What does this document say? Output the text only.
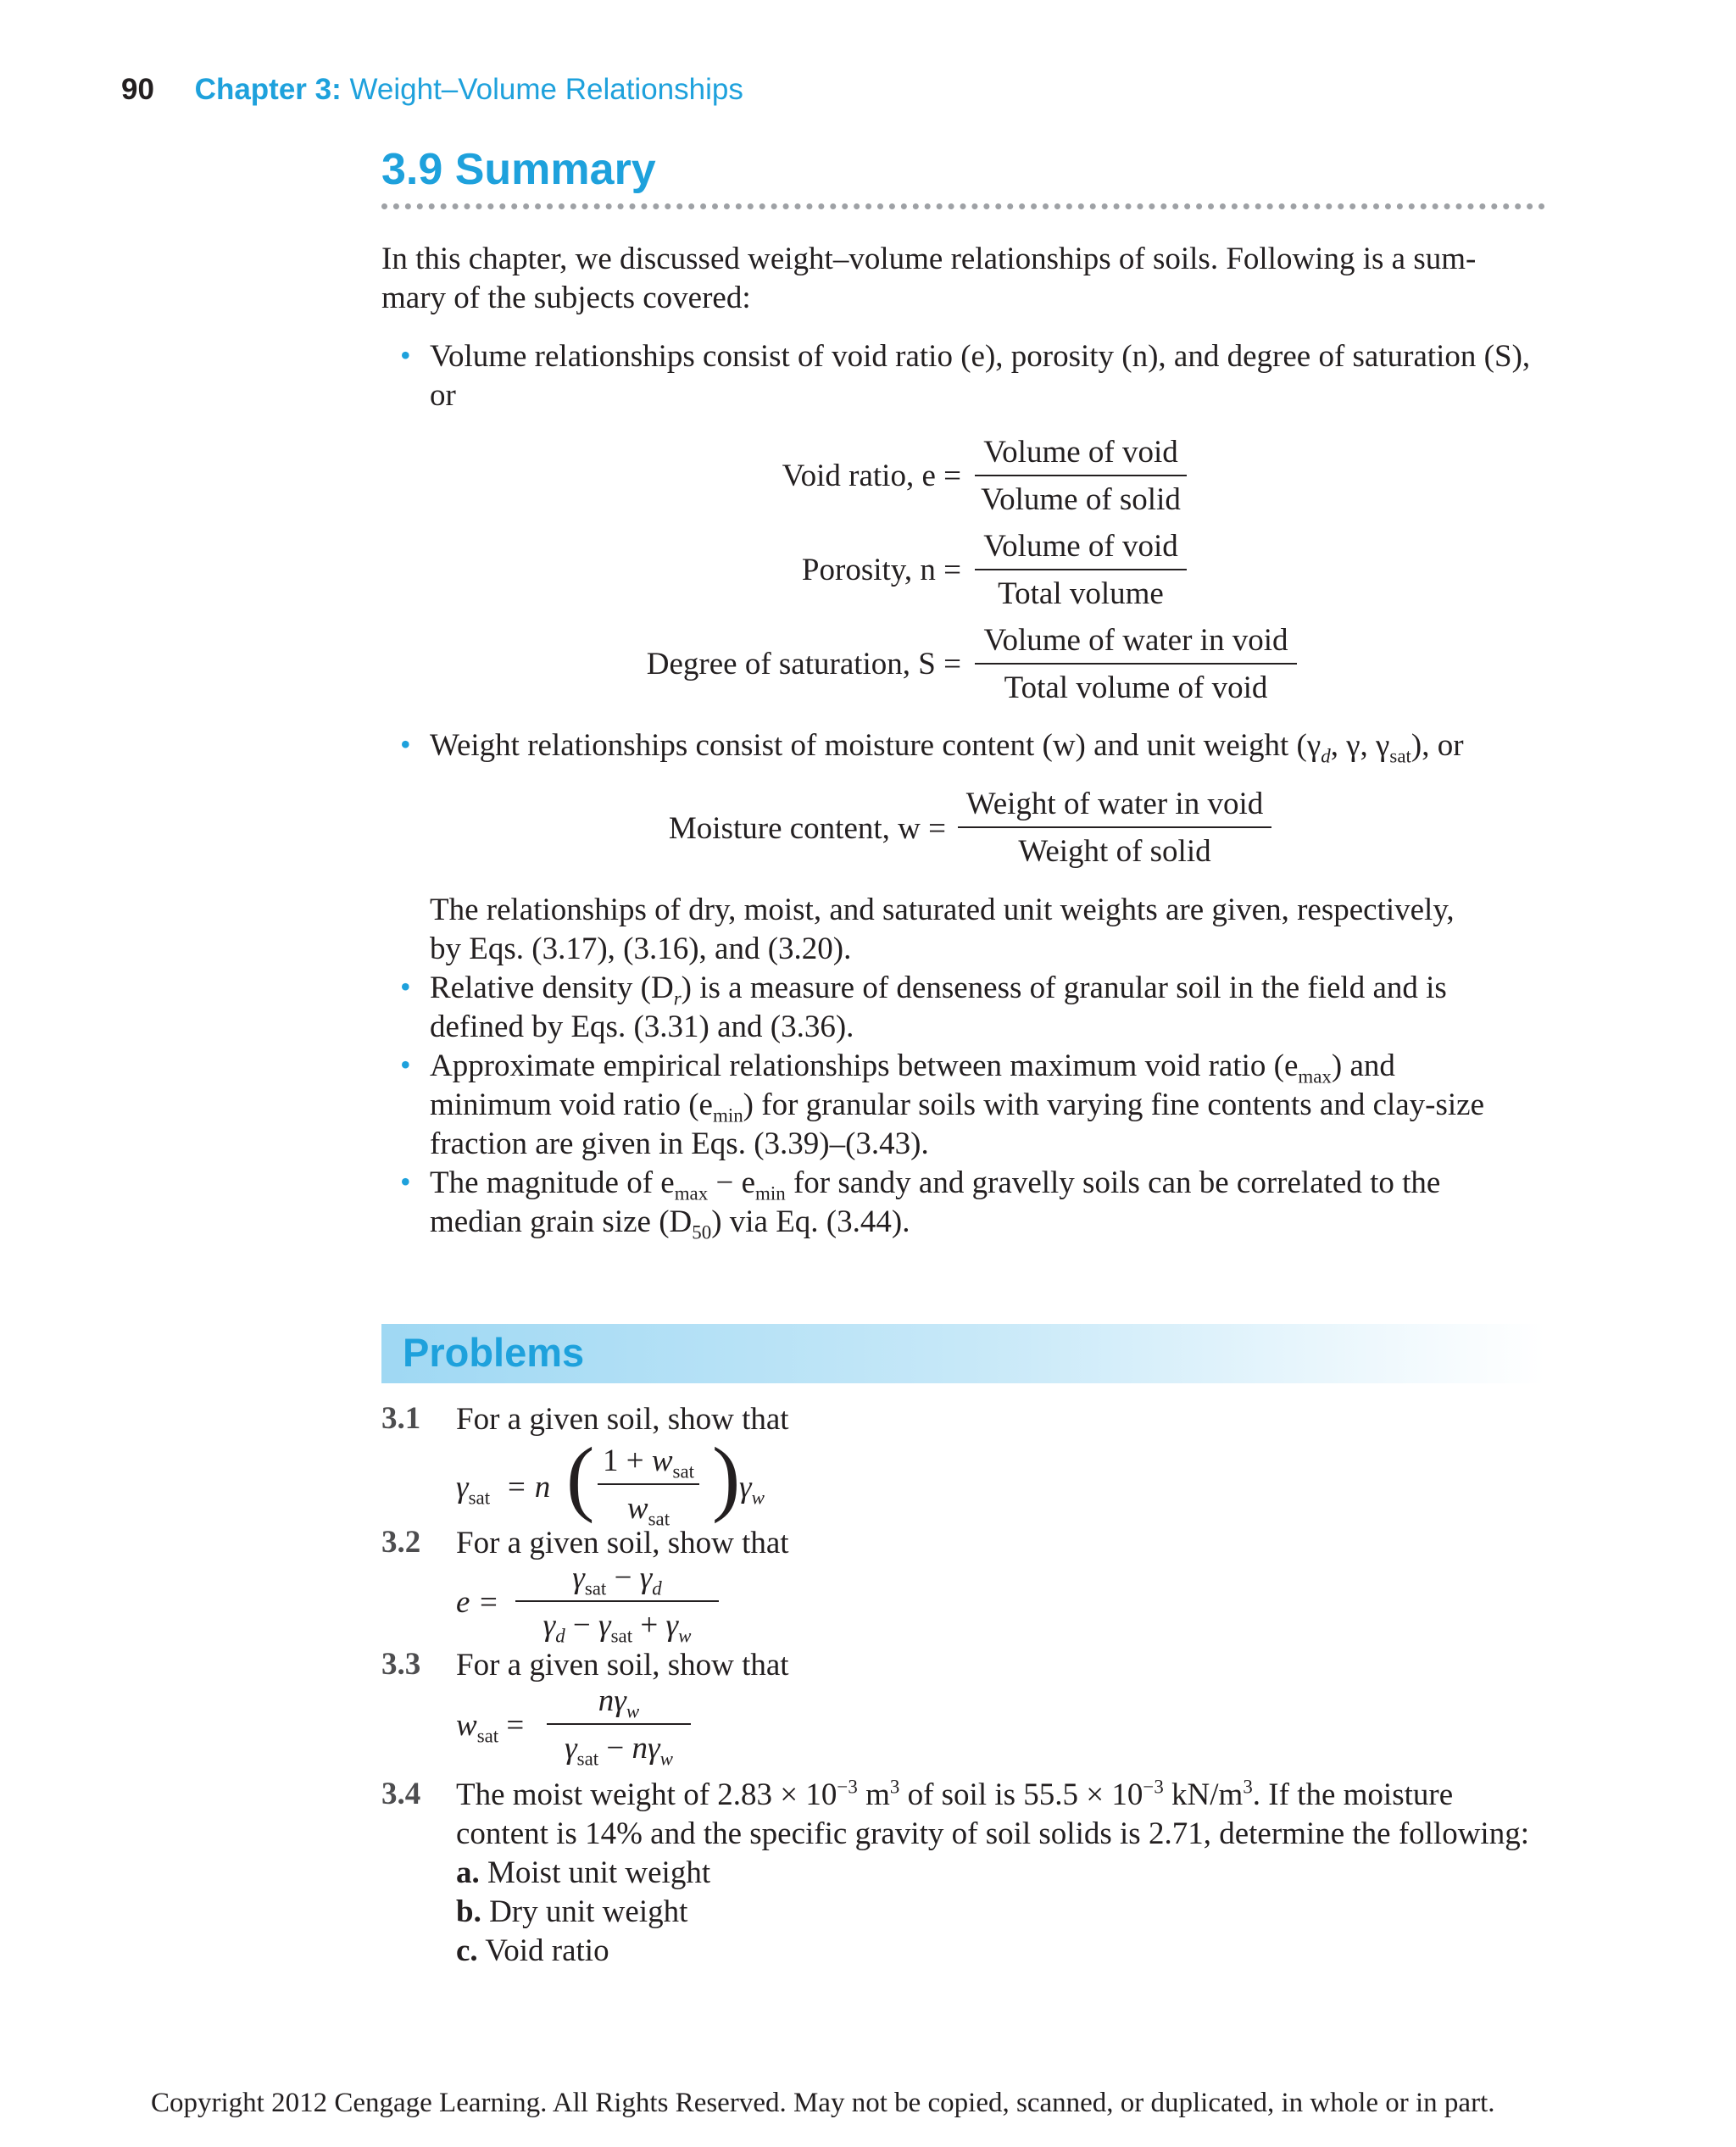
90 Chapter 3: Weight–Volume Relationships
3.9 Summary
In this chapter, we discussed weight–volume relationships of soils. Following is a sum-
mary of the subjects covered:
• Volume relationships consist of void ratio (e), porosity (n), and degree of saturation (S),
or
Void ratio, e =
Volume of void
Volume of solid
Porosity, n =
Volume of void
Total volume
Degree of saturation, S =
Volume of water in void
Total volume of void
• Weight relationships consist of moisture content (w) and unit weight ($\gamma_d$, γ, $\gamma_{sat}$), or
Moisture content, w =
Weight of water in void
Weight of solid
The relationships of dry, moist, and saturated unit weights are given, respectively,
by Eqs. (3.17), (3.16), and (3.20).
• Relative density $(D_r)$ is a measure of denseness of granular soil in the field and is
defined by Eqs. (3.31) and (3.36).
• Approximate empirical relationships between maximum void ratio $(e_{max})$ and
minimum void ratio $(e_{min})$ for granular soils with varying fine contents and clay-size
fraction are given in Eqs. (3.39)–(3.43).
• The magnitude of $e_{max} - e_{min}$ for sandy and gravelly soils can be correlated to the
median grain size $(D_{50})$ via Eq. (3.44).
Problems
3.1 For a given soil, show that
$\gamma_{sat} = n$ ( $1 + w_{sat}$
$w_{sat}$ )
$\gamma_w$
3.2 For a given soil, show that
e =
$\gamma_{sat} - \gamma_d$
$\gamma_d - \gamma_{sat} + \gamma_w$
3.3 For a given soil, show that
$w_{sat}$ =
$n\gamma_w$
$\gamma_{sat} - n\gamma_w$
3.4 The moist weight of $2.83 \times 10^{-3}$ $m^3$ of soil is $55.5 \times 10^{-3}$ $kN/m^3$. If the moisture
content is 14% and the specific gravity of soil solids is 2.71, determine the following:
a. Moist unit weight
b. Dry unit weight
c. Void ratio
Copyright 2012 Cengage Learning. All Rights Reserved. May not be copied, scanned, or duplicated, in whole or in part.
